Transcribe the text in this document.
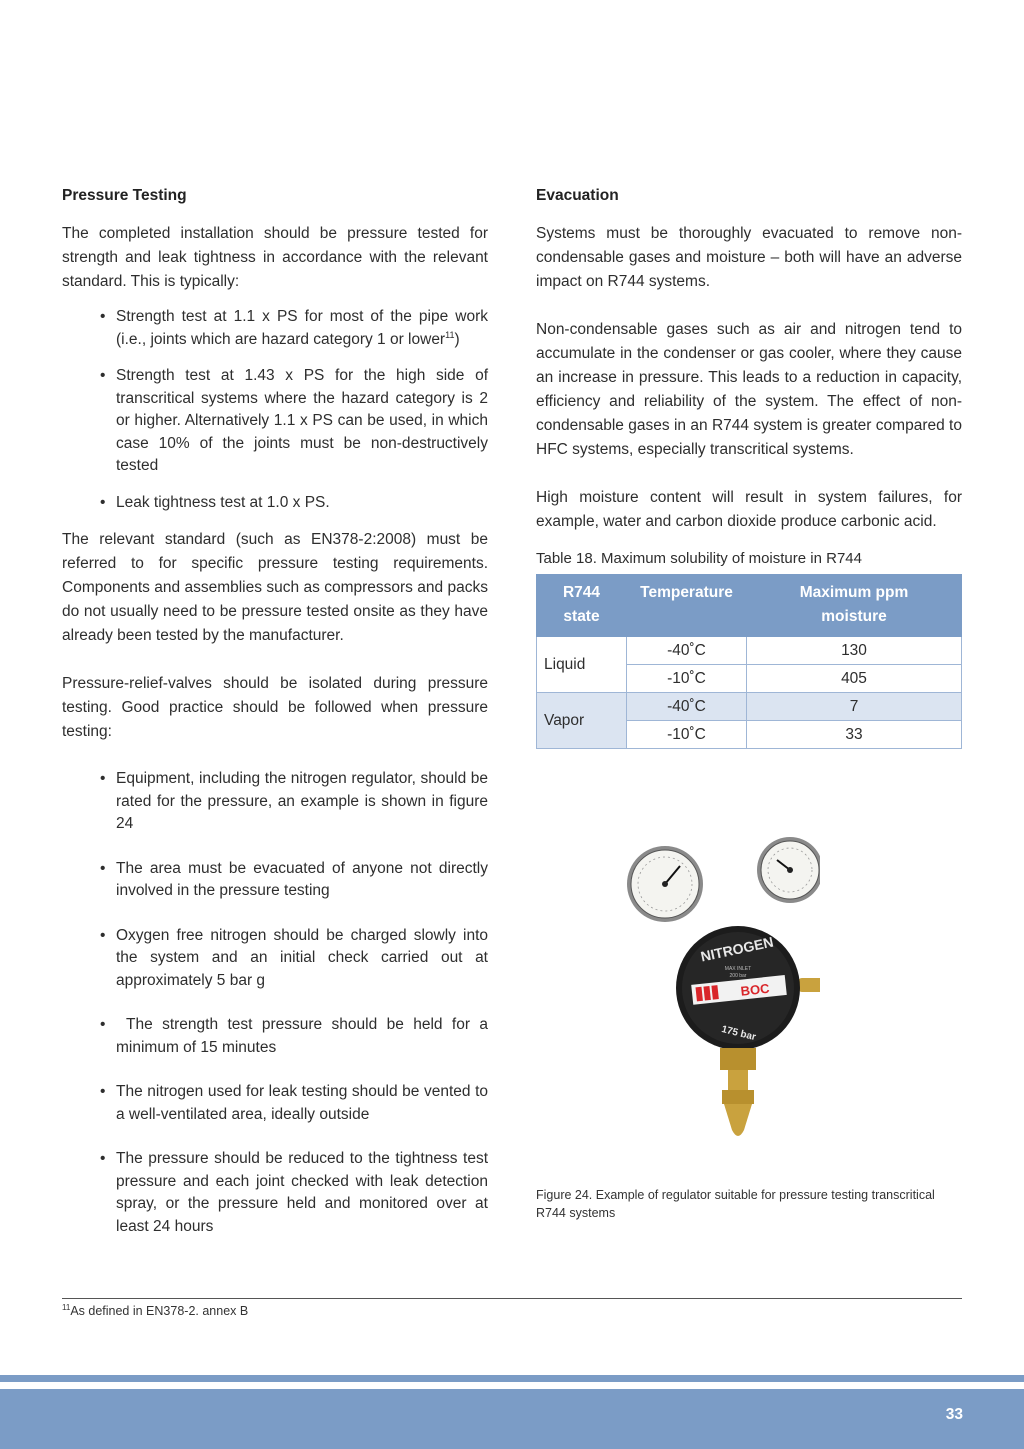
Pressure Testing

The completed installation should be pressure tested for strength and leak tightness in accordance with the relevant standard. This is typically:

• Strength test at 1.1 x PS for most of the pipe work (i.e., joints which are hazard category 1 or lower$^{11}$)
• Strength test at 1.43 x PS for the high side of transcritical systems where the hazard category is 2 or higher. Alternatively 1.1 x PS can be used, in which case 10% of the joints must be non-destructively tested
• Leak tightness test at 1.0 x PS.

The relevant standard (such as EN378-2:2008) must be referred to for specific pressure testing requirements. Components and assemblies such as compressors and packs do not usually need to be pressure tested onsite as they have already been tested by the manufacturer.

Pressure-relief-valves should be isolated during pressure testing. Good practice should be followed when pressure testing:

• Equipment, including the nitrogen regulator, should be rated for the pressure, an example is shown in figure 24
• The area must be evacuated of anyone not directly involved in the pressure testing
• Oxygen free nitrogen should be charged slowly into the system and an initial check carried out at approximately 5 bar g
• The strength test pressure should be held for a minimum of 15 minutes
• The nitrogen used for leak testing should be vented to a well-ventilated area, ideally outside
• The pressure should be reduced to the tightness test pressure and each joint checked with leak detection spray, or the pressure held and monitored over at least 24 hours
Evacuation

Systems must be thoroughly evacuated to remove non-condensable gases and moisture – both will have an adverse impact on R744 systems.

Non-condensable gases such as air and nitrogen tend to accumulate in the condenser or gas cooler, where they cause an increase in pressure. This leads to a reduction in capacity, efficiency and reliability of the system. The effect of non-condensable gases in an R744 system is greater compared to HFC systems, especially transcritical systems.

High moisture content will result in system failures, for example, water and carbon dioxide produce carbonic acid.

Table 18. Maximum solubility of moisture in R744
R744 state	Temperature	Maximum ppm moisture
Liquid	-40˚C	130
	-10˚C	405
Vapor	-40˚C	7
	-10˚C	33
NITROGEN
MAX INLET
200 bar
BOC
175 bar
Figure 24. Example of regulator suitable for pressure testing transcritical R744 systems
$^{11}$As defined in EN378-2. annex B
33
